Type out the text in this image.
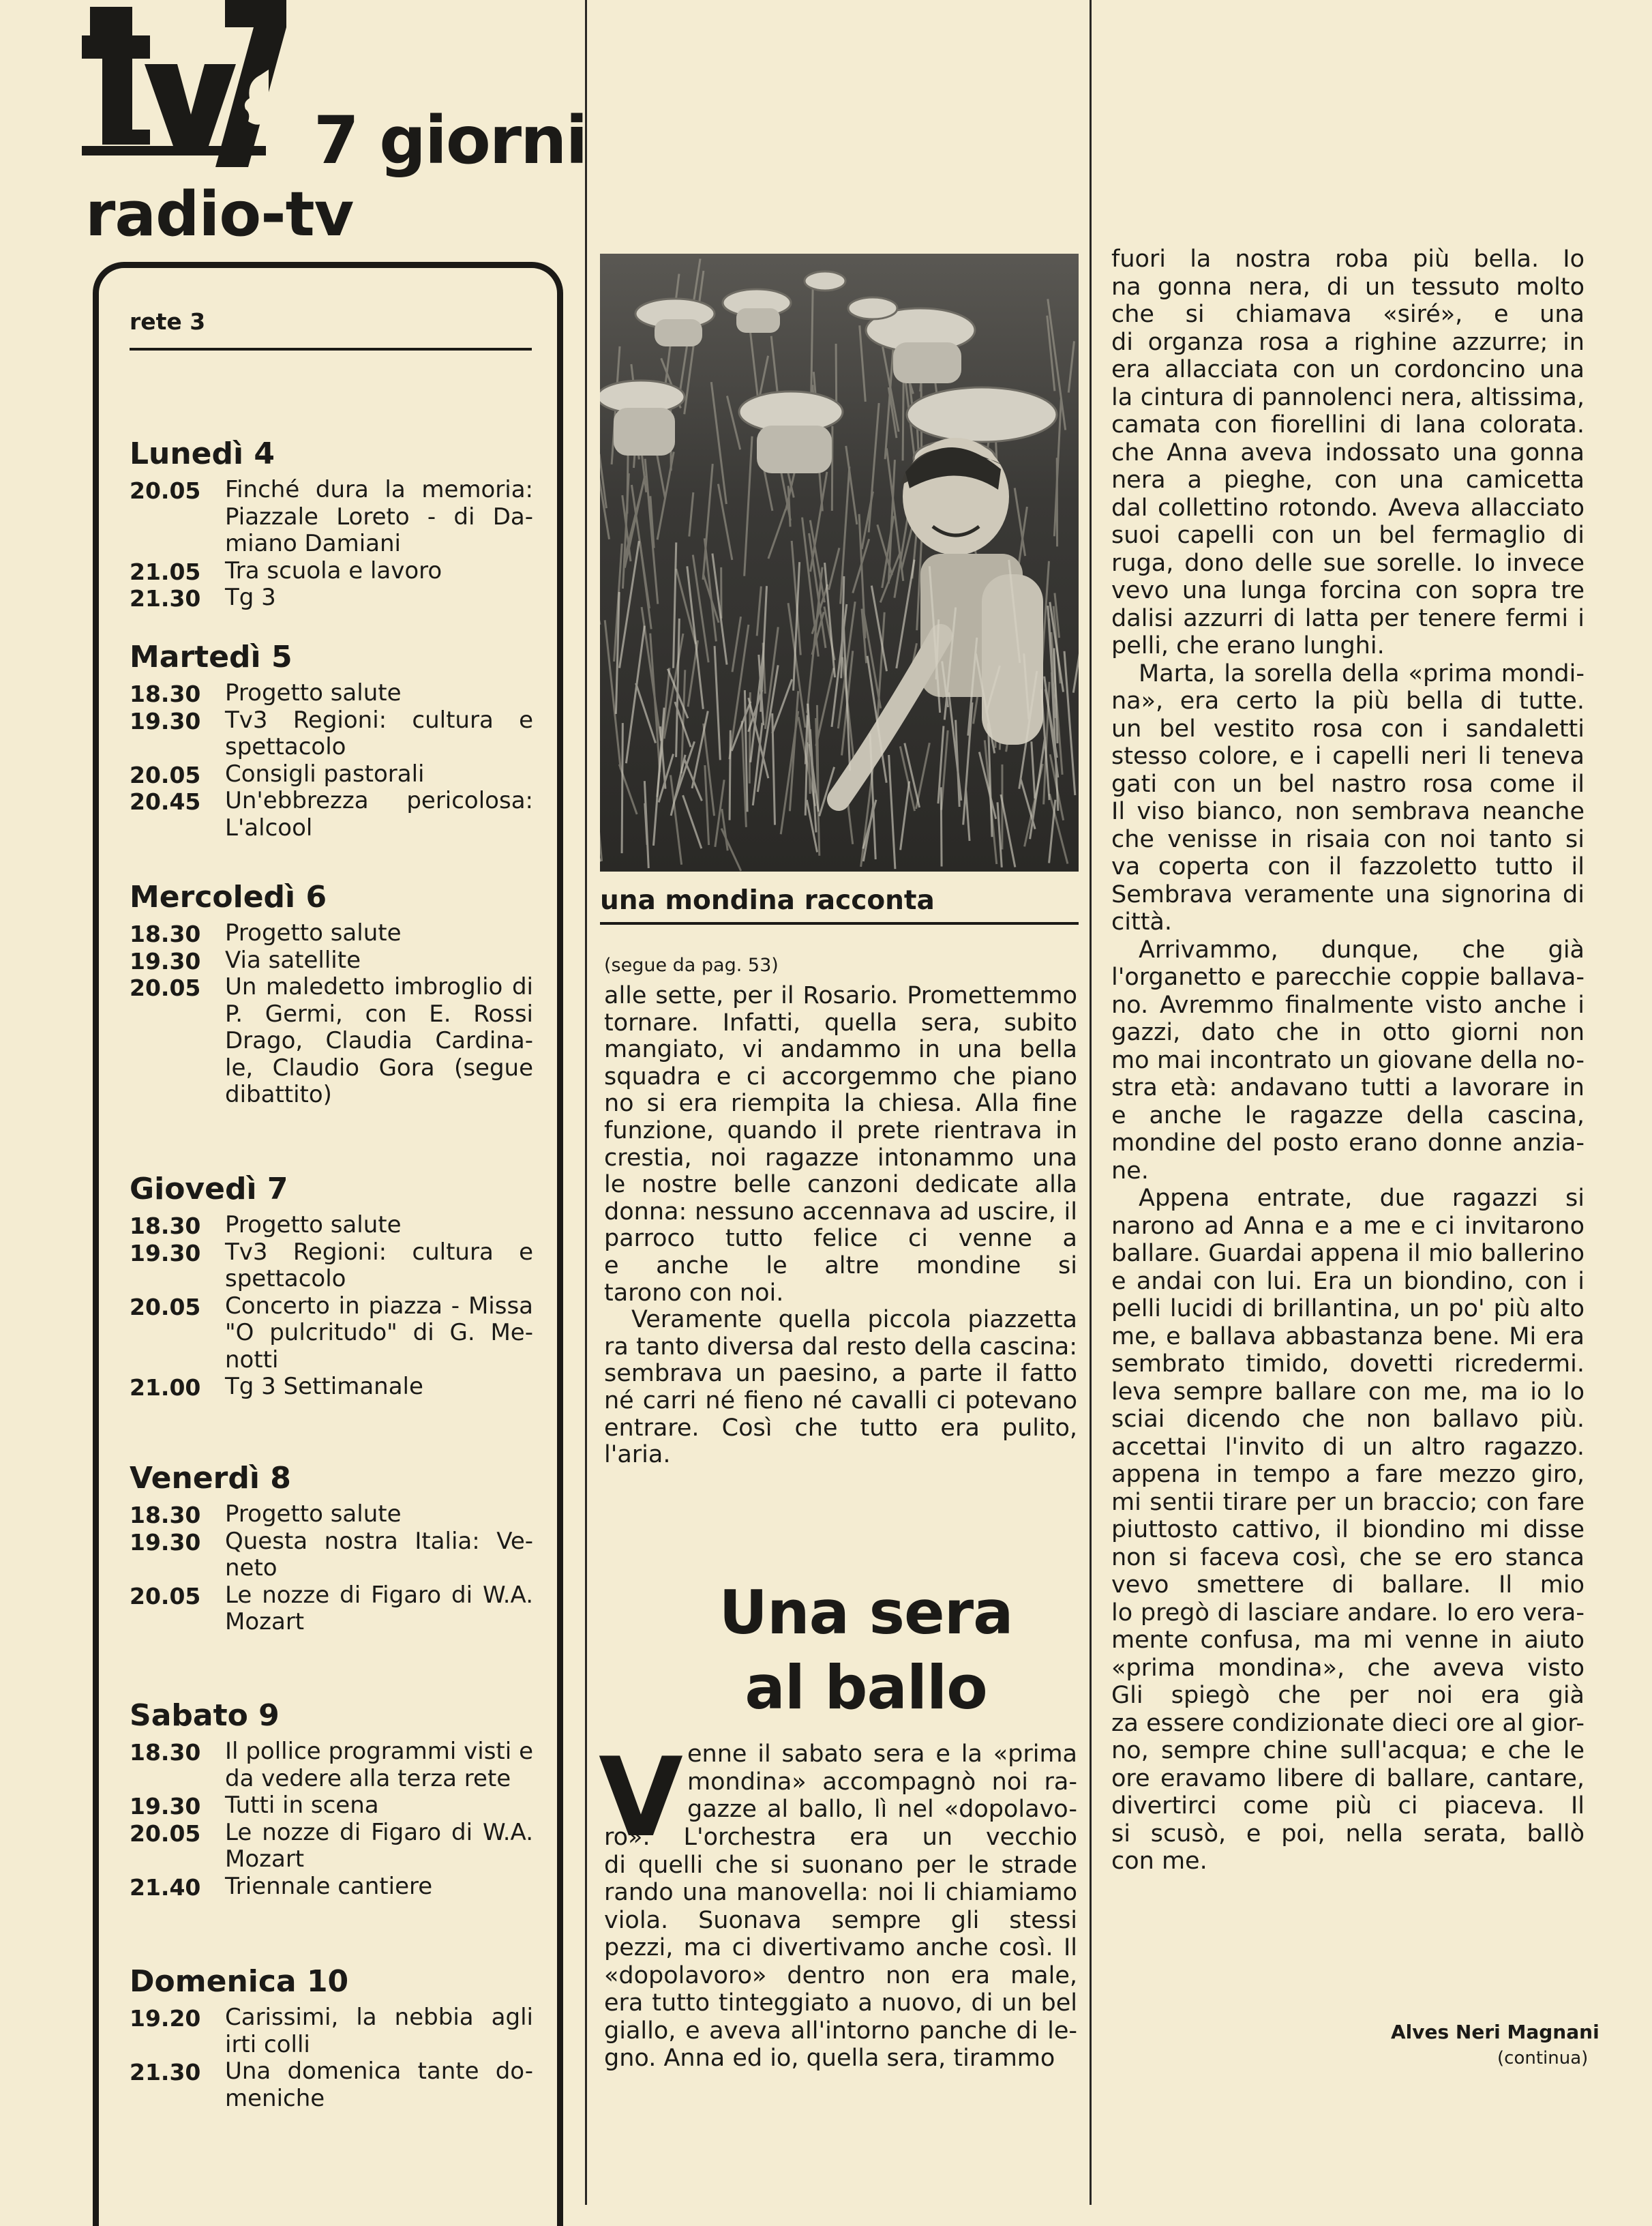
7 giorni
radio-tv
rete 3
Lunedì 4
20.05 Finché dura la memoria:
Piazzale Loreto - di Da-
miano Damiani
21.05 Tra scuola e lavoro
21.30 Tg 3
Martedì 5
18.30 Progetto salute
19.30 Tv3 Regioni: cultura e
spettacolo
20.05 Consigli pastorali
20.45 Un'ebbrezza pericolosa:
L'alcool
Mercoledì 6
18.30 Progetto salute
19.30 Via satellite
20.05 Un maledetto imbroglio di
P. Germi, con E. Rossi
Drago, Claudia Cardina-
le, Claudio Gora (segue
dibattito)
Giovedì 7
18.30 Progetto salute
19.30 Tv3 Regioni: cultura e
spettacolo
20.05 Concerto in piazza - Missa
"O pulcritudo" di G. Me-
notti
21.00 Tg 3 Settimanale
Venerdì 8
18.30 Progetto salute
19.30 Questa nostra Italia: Ve-
neto
20.05 Le nozze di Figaro di W.A.
Mozart
Sabato 9
18.30 Il pollice programmi visti e
da vedere alla terza rete
19.30 Tutti in scena
20.05 Le nozze di Figaro di W.A.
Mozart
21.40 Triennale cantiere
Domenica 10
19.20 Carissimi, la nebbia agli
irti colli
21.30 Una domenica tante do-
meniche
una mondina racconta
(segue da pag. 53)
alle sette, per il Rosario. Promettemmo
tornare. Infatti, quella sera, subito
mangiato, vi andammo in una bella
squadra e ci accorgemmo che piano
no si era riempita la chiesa. Alla fine
funzione, quando il prete rientrava in
crestia, noi ragazze intonammo una
le nostre belle canzoni dedicate alla
donna: nessuno accennava ad uscire, il
parroco tutto felice ci venne a
e anche le altre mondine si
tarono con noi.
Veramente quella piccola piazzetta
ra tanto diversa dal resto della cascina:
sembrava un paesino, a parte il fatto
né carri né fieno né cavalli ci potevano
entrare. Così che tutto era pulito,
l'aria.
Una sera
al ballo
V enne il sabato sera e la «prima
mondina» accompagnò noi ra-
gazze al ballo, lì nel «dopolavo-
ro». L'orchestra era un vecchio
di quelli che si suonano per le strade
rando una manovella: noi li chiamiamo
viola. Suonava sempre gli stessi
pezzi, ma ci divertivamo anche così. Il
«dopolavoro» dentro non era male,
era tutto tinteggiato a nuovo, di un bel
giallo, e aveva all'intorno panche di le-
gno. Anna ed io, quella sera, tirammo
fuori la nostra roba più bella. Io
na gonna nera, di un tessuto molto
che si chiamava «siré», e una
di organza rosa a righine azzurre; in
era allacciata con un cordoncino una
la cintura di pannolenci nera, altissima,
camata con fiorellini di lana colorata.
che Anna aveva indossato una gonna
nera a pieghe, con una camicetta
dal collettino rotondo. Aveva allacciato
suoi capelli con un bel fermaglio di
ruga, dono delle sue sorelle. Io invece
vevo una lunga forcina con sopra tre
dalisi azzurri di latta per tenere fermi i
pelli, che erano lunghi.
Marta, la sorella della «prima mondi-
na», era certo la più bella di tutte.
un bel vestito rosa con i sandaletti
stesso colore, e i capelli neri li teneva
gati con un bel nastro rosa come il
Il viso bianco, non sembrava neanche
che venisse in risaia con noi tanto si
va coperta con il fazzoletto tutto il
Sembrava veramente una signorina di
città.
Arrivammo, dunque, che già
l'organetto e parecchie coppie ballava-
no. Avremmo finalmente visto anche i
gazzi, dato che in otto giorni non
mo mai incontrato un giovane della no-
stra età: andavano tutti a lavorare in
e anche le ragazze della cascina,
mondine del posto erano donne anzia-
ne.
Appena entrate, due ragazzi si
narono ad Anna e a me e ci invitarono
ballare. Guardai appena il mio ballerino
e andai con lui. Era un biondino, con i
pelli lucidi di brillantina, un po' più alto
me, e ballava abbastanza bene. Mi era
sembrato timido, dovetti ricredermi.
leva sempre ballare con me, ma io lo
sciai dicendo che non ballavo più.
accettai l'invito di un altro ragazzo.
appena in tempo a fare mezzo giro,
mi sentii tirare per un braccio; con fare
piuttosto cattivo, il biondino mi disse
non si faceva così, che se ero stanca
vevo smettere di ballare. Il mio
lo pregò di lasciare andare. Io ero vera-
mente confusa, ma mi venne in aiuto
«prima mondina», che aveva visto
Gli spiegò che per noi era già
za essere condizionate dieci ore al gior-
no, sempre chine sull'acqua; e che le
ore eravamo libere di ballare, cantare,
divertirci come più ci piaceva. Il
si scusò, e poi, nella serata, ballò
con me.
Alves Neri Magnani
(continua)
